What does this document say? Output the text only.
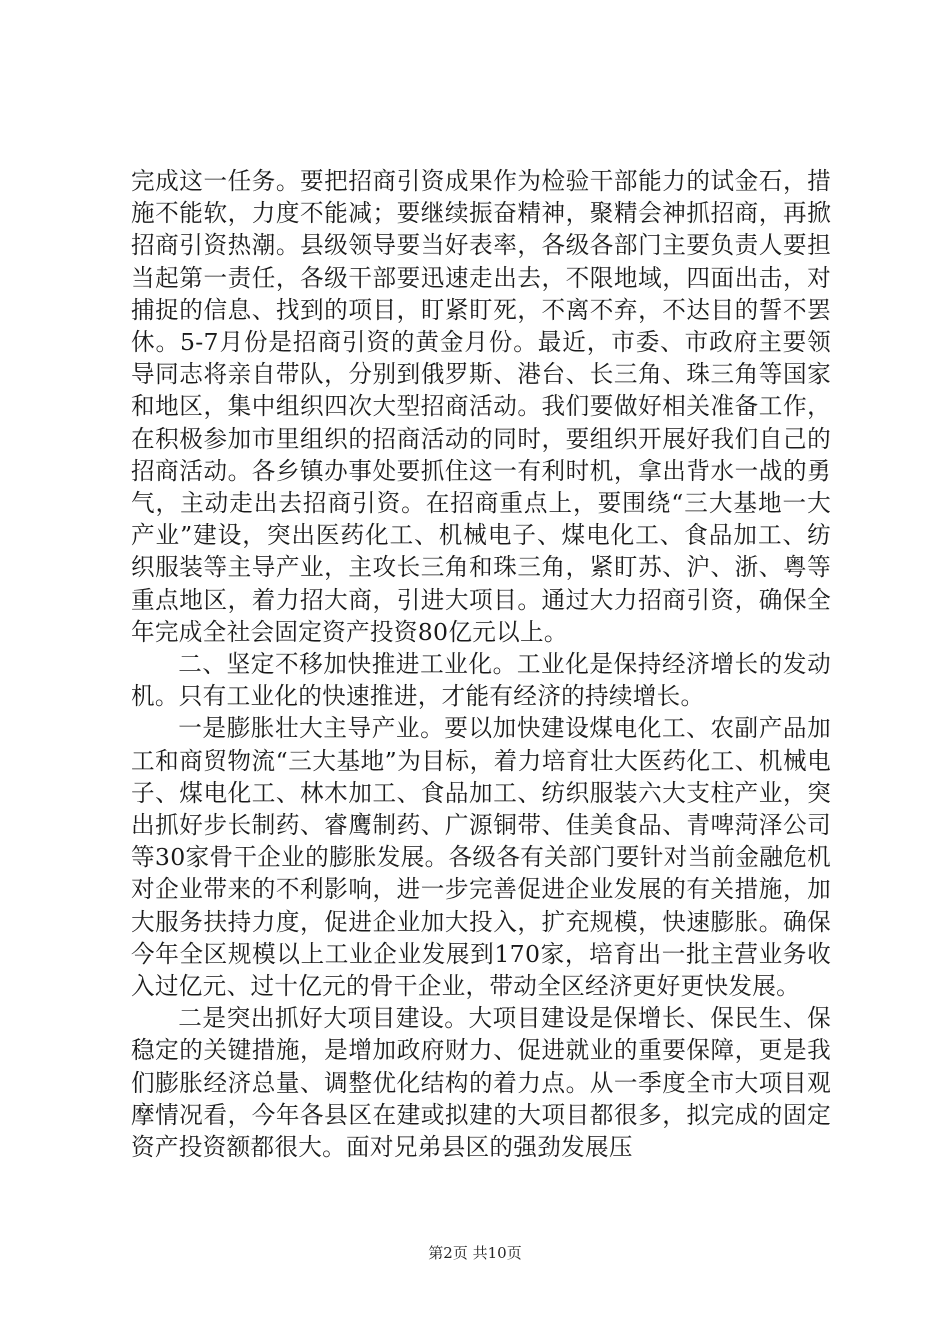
完成这一任务。要把招商引资成果作为检验干部能力的试金石，措施不能软，力度不能减；要继续振奋精神，聚精会神抓招商，再掀招商引资热潮。县级领导要当好表率，各级各部门主要负责人要担当起第一责任，各级干部要迅速走出去，不限地域，四面出击，对捕捉的信息、找到的项目，盯紧盯死，不离不弃，不达目的誓不罢休。5-7月份是招商引资的黄金月份。最近，市委、市政府主要领导同志将亲自带队，分别到俄罗斯、港台、长三角、珠三角等国家和地区，集中组织四次大型招商活动。我们要做好相关准备工作，在积极参加市里组织的招商活动的同时，要组织开展好我们自己的招商活动。各乡镇办事处要抓住这一有利时机，拿出背水一战的勇气，主动走出去招商引资。在招商重点上，要围绕“三大基地一大产业”建设，突出医药化工、机械电子、煤电化工、食品加工、纺织服装等主导产业，主攻长三角和珠三角，紧盯苏、沪、浙、粤等重点地区，着力招大商，引进大项目。通过大力招商引资，确保全年完成全社会固定资产投资80亿元以上。

二、坚定不移加快推进工业化。工业化是保持经济增长的发动机。只有工业化的快速推进，才能有经济的持续增长。

一是膨胀壮大主导产业。要以加快建设煤电化工、农副产品加工和商贸物流“三大基地”为目标，着力培育壮大医药化工、机械电子、煤电化工、林木加工、食品加工、纺织服装六大支柱产业，突出抓好步长制药、睿鹰制药、广源铜带、佳美食品、青啤菏泽公司等30家骨干企业的膨胀发展。各级各有关部门要针对当前金融危机对企业带来的不利影响，进一步完善促进企业发展的有关措施，加大服务扶持力度，促进企业加大投入，扩充规模，快速膨胀。确保今年全区规模以上工业企业发展到170家，培育出一批主营业务收入过亿元、过十亿元的骨干企业，带动全区经济更好更快发展。

二是突出抓好大项目建设。大项目建设是保增长、保民生、保稳定的关键措施，是增加政府财力、促进就业的重要保障，更是我们膨胀经济总量、调整优化结构的着力点。从一季度全市大项目观摩情况看，今年各县区在建或拟建的大项目都很多，拟完成的固定资产投资额都很大。面对兄弟县区的强劲发展压

第2页 共10页
